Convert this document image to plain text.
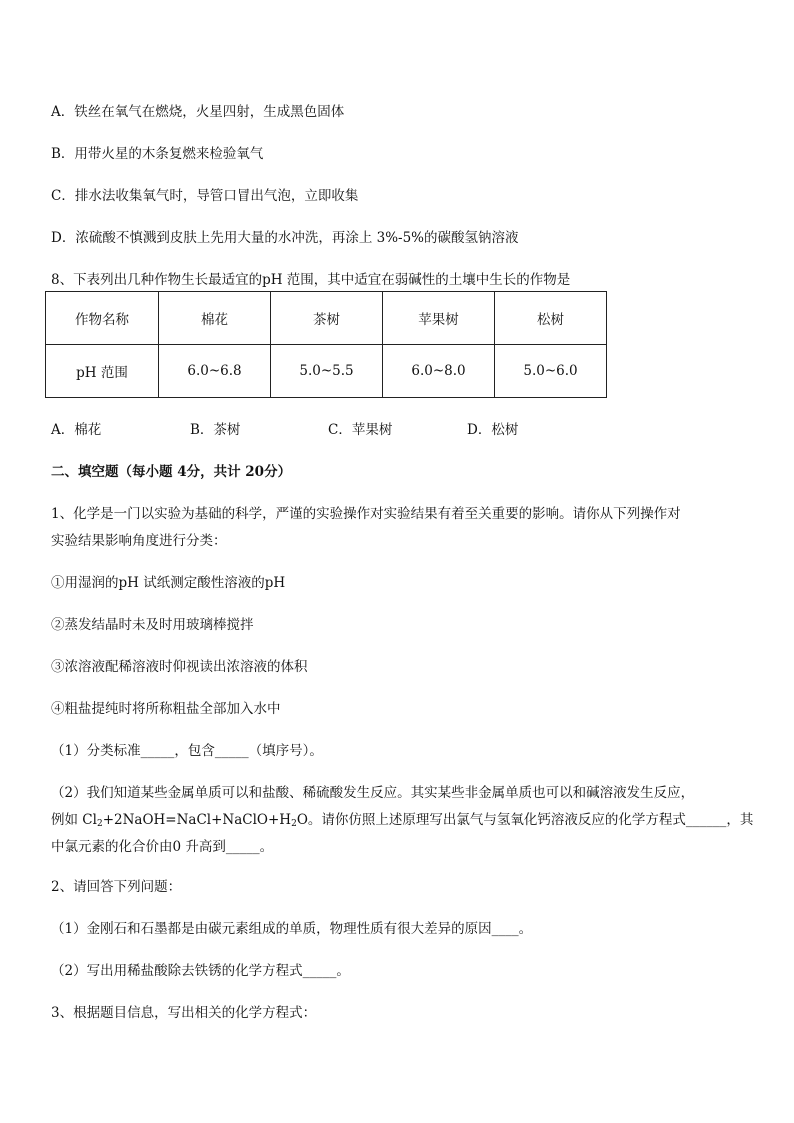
A．铁丝在氧气在燃烧，火星四射，生成黑色固体
B．用带火星的木条复燃来检验氧气
C．排水法收集氧气时，导管口冒出气泡，立即收集
D．浓硫酸不慎溅到皮肤上先用大量的水冲洗，再涂上 3%-5%的碳酸氢钠溶液
8、下表列出几种作物生长最适宜的pH 范围，其中适宜在弱碱性的土壤中生长的作物是
作物名称	棉花	茶树	苹果树	松树
pH 范围	6.0~6.8	5.0~5.5	6.0~8.0	5.0~6.0
A．棉花	B．茶树	C．苹果树	D．松树
二、填空题（每小题 4分，共计 20分）
1、化学是一门以实验为基础的科学，严谨的实验操作对实验结果有着至关重要的影响。请你从下列操作对
实验结果影响角度进行分类：
①用湿润的pH 试纸测定酸性溶液的pH
②蒸发结晶时未及时用玻璃棒搅拌
③浓溶液配稀溶液时仰视读出浓溶液的体积
④粗盐提纯时将所称粗盐全部加入水中
（1）分类标准_____，包含_____（填序号）。
（2）我们知道某些金属单质可以和盐酸、稀硫酸发生反应。其实某些非金属单质也可以和碱溶液发生反应，
例如 $Cl_2+2NaOH=NaCl+NaClO+H_2O$。请你仿照上述原理写出氯气与氢氧化钙溶液反应的化学方程式______，其
中氯元素的化合价由0 升高到_____。
2、请回答下列问题：
（1）金刚石和石墨都是由碳元素组成的单质，物理性质有很大差异的原因____。
（2）写出用稀盐酸除去铁锈的化学方程式_____。
3、根据题目信息，写出相关的化学方程式：
